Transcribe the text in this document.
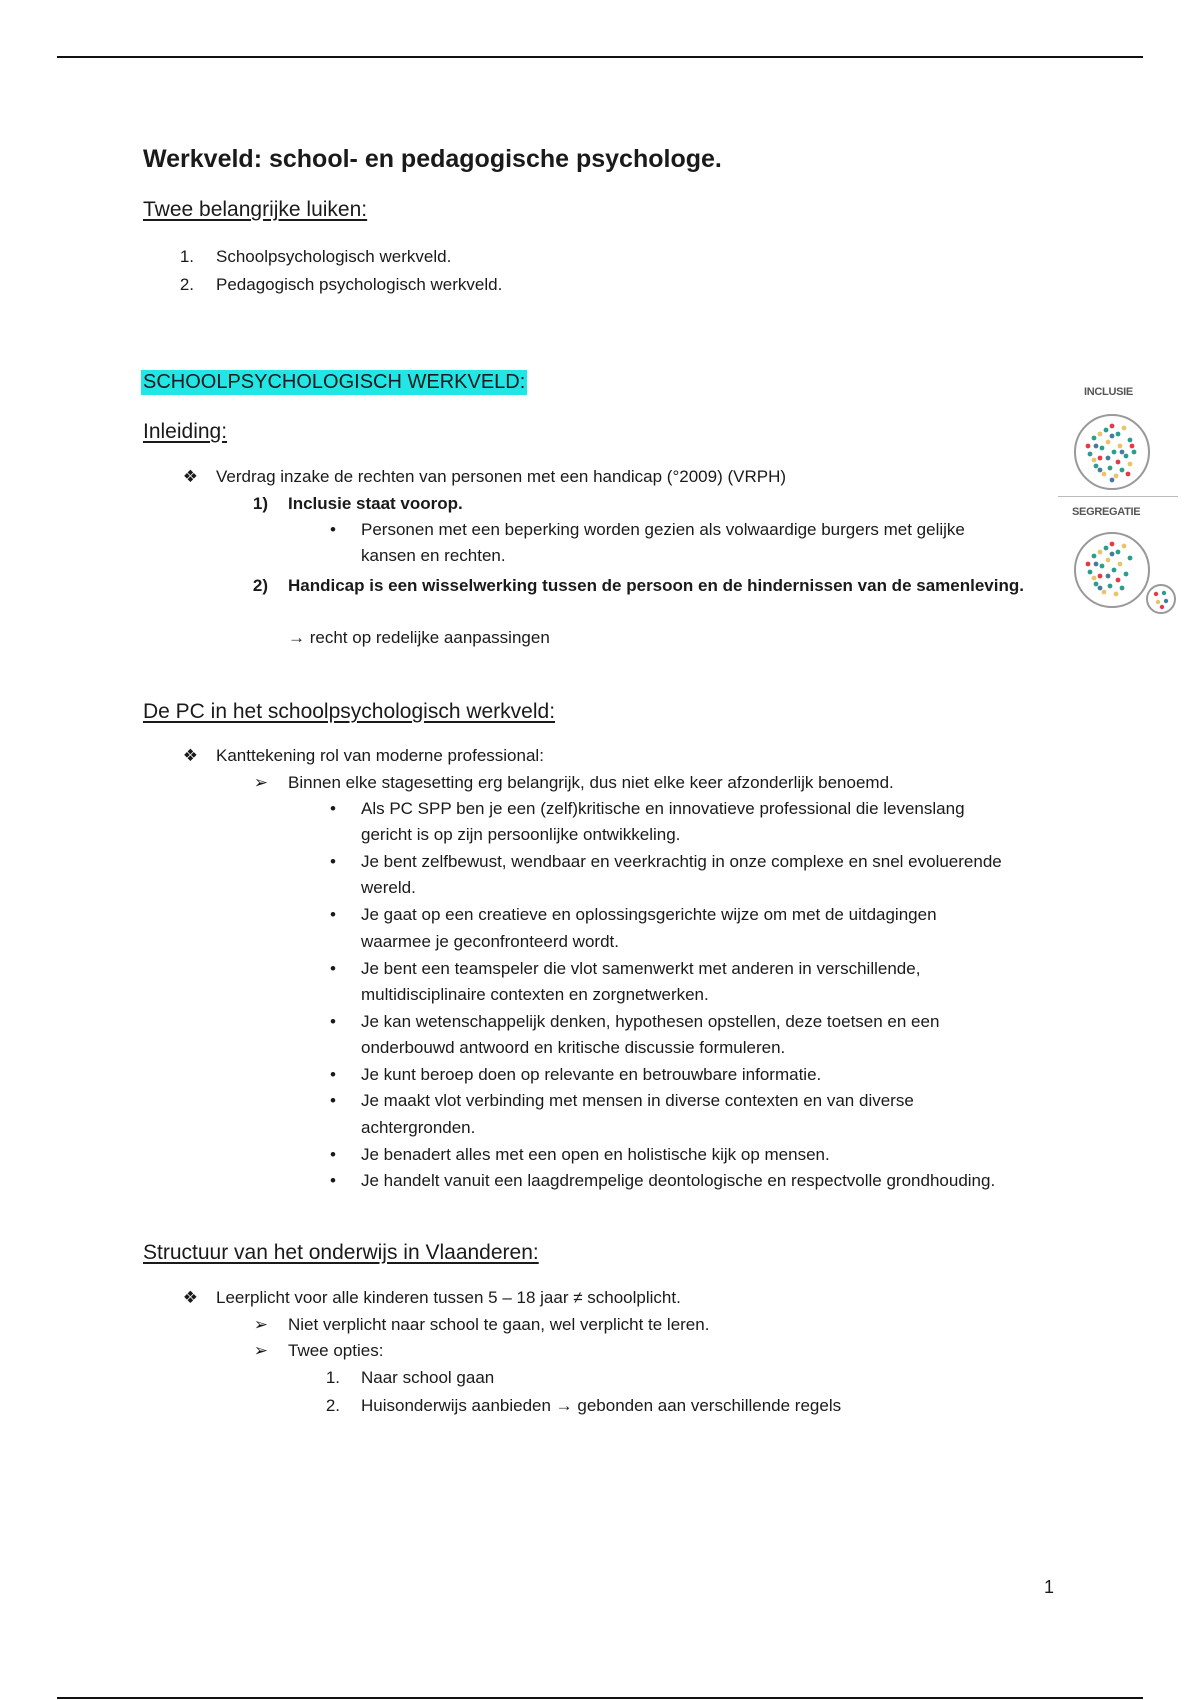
Werkveld: school- en pedagogische psychologe.
Twee belangrijke luiken:
1. Schoolpsychologisch werkveld.
2. Pedagogisch psychologisch werkveld.
SCHOOLPSYCHOLOGISCH WERKVELD:
Inleiding:
❖ Verdrag inzake de rechten van personen met een handicap (°2009) (VRPH)
1) Inclusie staat voorop.
• Personen met een beperking worden gezien als volwaardige burgers met gelijke
kansen en rechten.
2) Handicap is een wisselwerking tussen de persoon en de hindernissen van de samenleving.
→ recht op redelijke aanpassingen
INCLUSIE
SEGREGATIE
De PC in het schoolpsychologisch werkveld:
❖ Kanttekening rol van moderne professional:
➢ Binnen elke stagesetting erg belangrijk, dus niet elke keer afzonderlijk benoemd.
• Als PC SPP ben je een (zelf)kritische en innovatieve professional die levenslang
gericht is op zijn persoonlijke ontwikkeling.
• Je bent zelfbewust, wendbaar en veerkrachtig in onze complexe en snel evoluerende
wereld.
• Je gaat op een creatieve en oplossingsgerichte wijze om met de uitdagingen
waarmee je geconfronteerd wordt.
• Je bent een teamspeler die vlot samenwerkt met anderen in verschillende,
multidisciplinaire contexten en zorgnetwerken.
• Je kan wetenschappelijk denken, hypothesen opstellen, deze toetsen en een
onderbouwd antwoord en kritische discussie formuleren.
• Je kunt beroep doen op relevante en betrouwbare informatie.
• Je maakt vlot verbinding met mensen in diverse contexten en van diverse
achtergronden.
• Je benadert alles met een open en holistische kijk op mensen.
• Je handelt vanuit een laagdrempelige deontologische en respectvolle grondhouding.
Structuur van het onderwijs in Vlaanderen:
❖ Leerplicht voor alle kinderen tussen 5 – 18 jaar ≠ schoolplicht.
➢ Niet verplicht naar school te gaan, wel verplicht te leren.
➢ Twee opties:
1. Naar school gaan
2. Huisonderwijs aanbieden → gebonden aan verschillende regels
1
